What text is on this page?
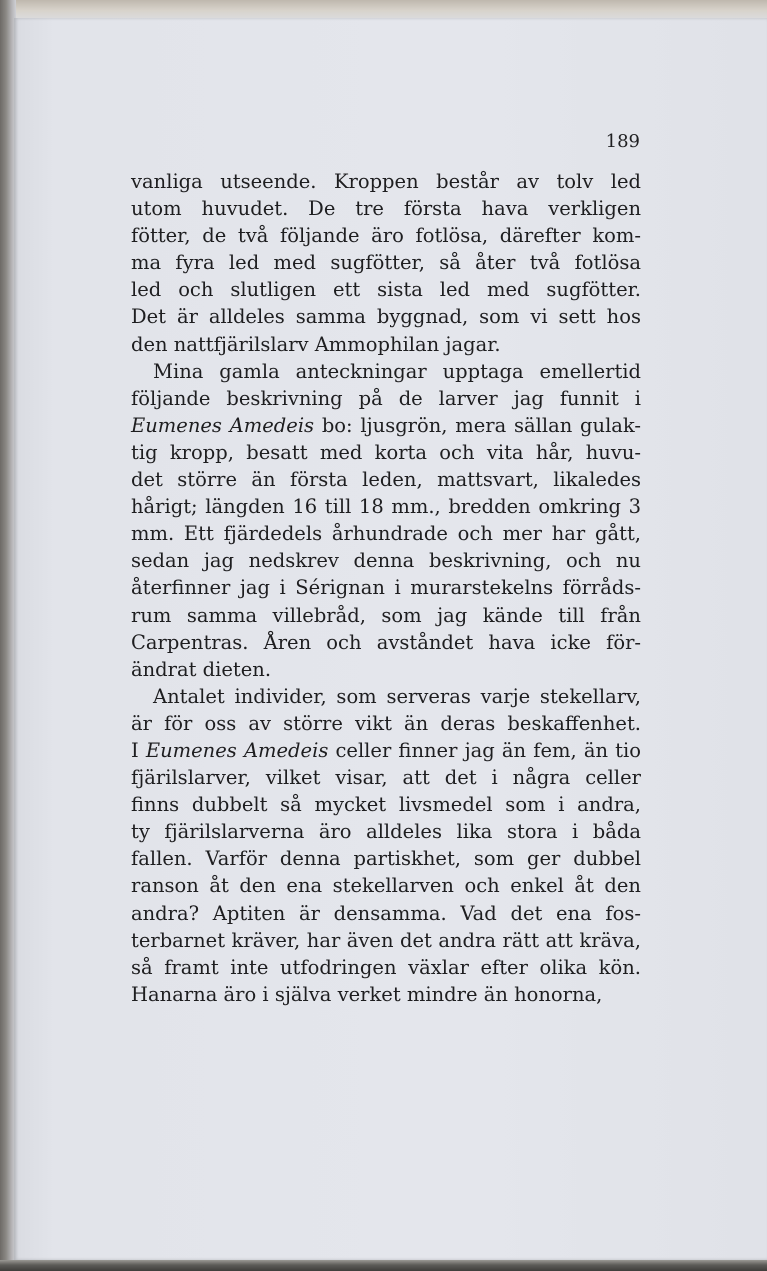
189

vanliga utseende. Kroppen består av tolv led
utom huvudet. De tre första hava verkligen
fötter, de två följande äro fotlösa, därefter kom-
ma fyra led med sugfötter, så åter två fotlösa
led och slutligen ett sista led med sugfötter.
Det är alldeles samma byggnad, som vi sett hos
den nattfjärilslarv Ammophilan jagar.
Mina gamla anteckningar upptaga emellertid
följande beskrivning på de larver jag funnit i
Eumenes Amedeis bo: ljusgrön, mera sällan gulak-
tig kropp, besatt med korta och vita hår, huvu-
det större än första leden, mattsvart, likaledes
hårigt; längden 16 till 18 mm., bredden omkring 3
mm. Ett fjärdedels århundrade och mer har gått,
sedan jag nedskrev denna beskrivning, och nu
återfinner jag i Sérignan i murarstekelns förråds-
rum samma villebråd, som jag kände till från
Carpentras. Åren och avståndet hava icke för-
ändrat dieten.
Antalet individer, som serveras varje stekellarv,
är för oss av större vikt än deras beskaffenhet.
I Eumenes Amedeis celler finner jag än fem, än tio
fjärilslarver, vilket visar, att det i några celler
finns dubbelt så mycket livsmedel som i andra,
ty fjärilslarverna äro alldeles lika stora i båda
fallen. Varför denna partiskhet, som ger dubbel
ranson åt den ena stekellarven och enkel åt den
andra? Aptiten är densamma. Vad det ena fos-
terbarnet kräver, har även det andra rätt att kräva,
så framt inte utfodringen växlar efter olika kön.
Hanarna äro i själva verket mindre än honorna,
